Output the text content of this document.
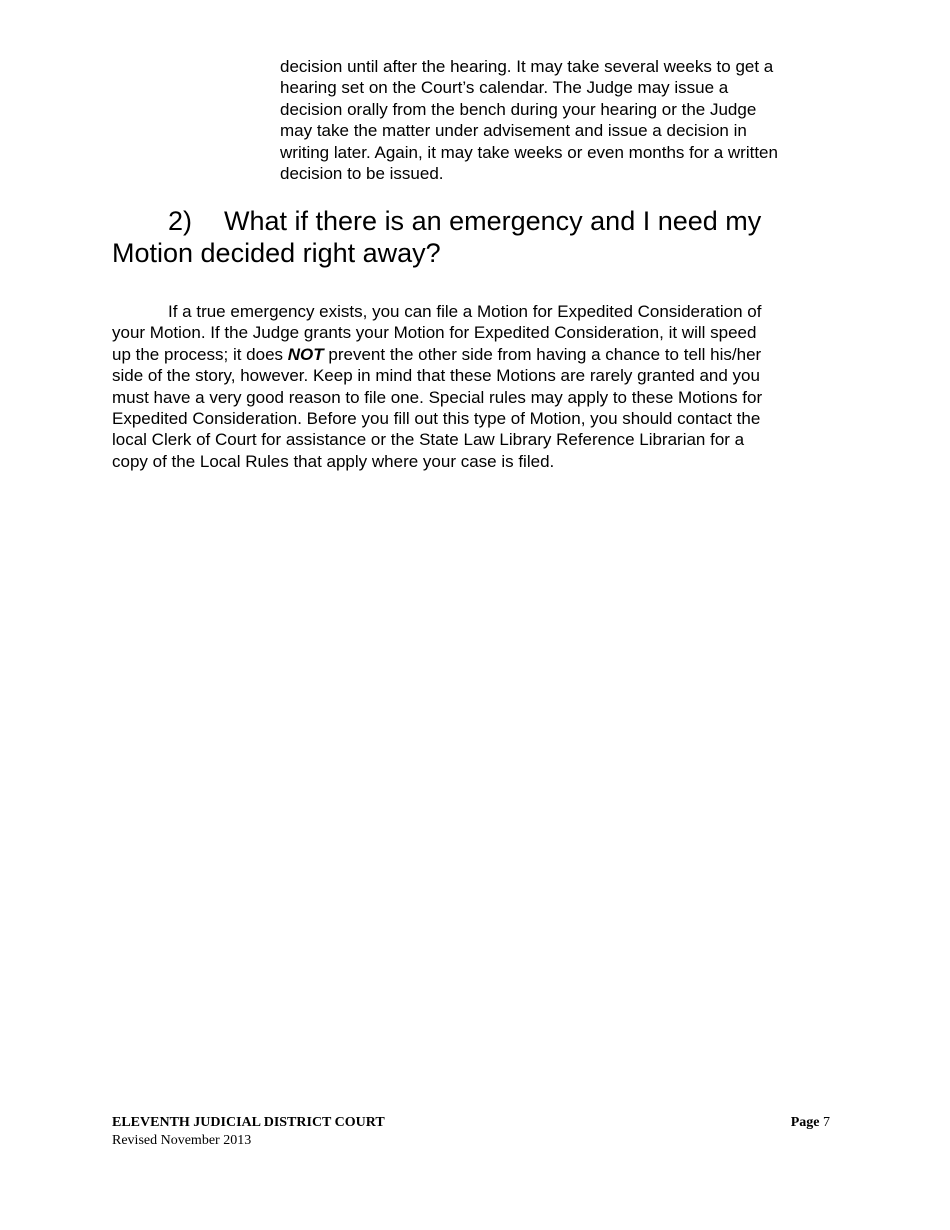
decision until after the hearing. It may take several weeks to get a
hearing set on the Court’s calendar. The Judge may issue a
decision orally from the bench during your hearing or the Judge
may take the matter under advisement and issue a decision in
writing later. Again, it may take weeks or even months for a written
decision to be issued.

2) What if there is an emergency and I need my
Motion decided right away?

If a true emergency exists, you can file a Motion for Expedited Consideration of
your Motion. If the Judge grants your Motion for Expedited Consideration, it will speed
up the process; it does NOT prevent the other side from having a chance to tell his/her
side of the story, however. Keep in mind that these Motions are rarely granted and you
must have a very good reason to file one. Special rules may apply to these Motions for
Expedited Consideration. Before you fill out this type of Motion, you should contact the
local Clerk of Court for assistance or the State Law Library Reference Librarian for a
copy of the Local Rules that apply where your case is filed.

ELEVENTH JUDICIAL DISTRICT COURT
Revised November 2013
Page 7
